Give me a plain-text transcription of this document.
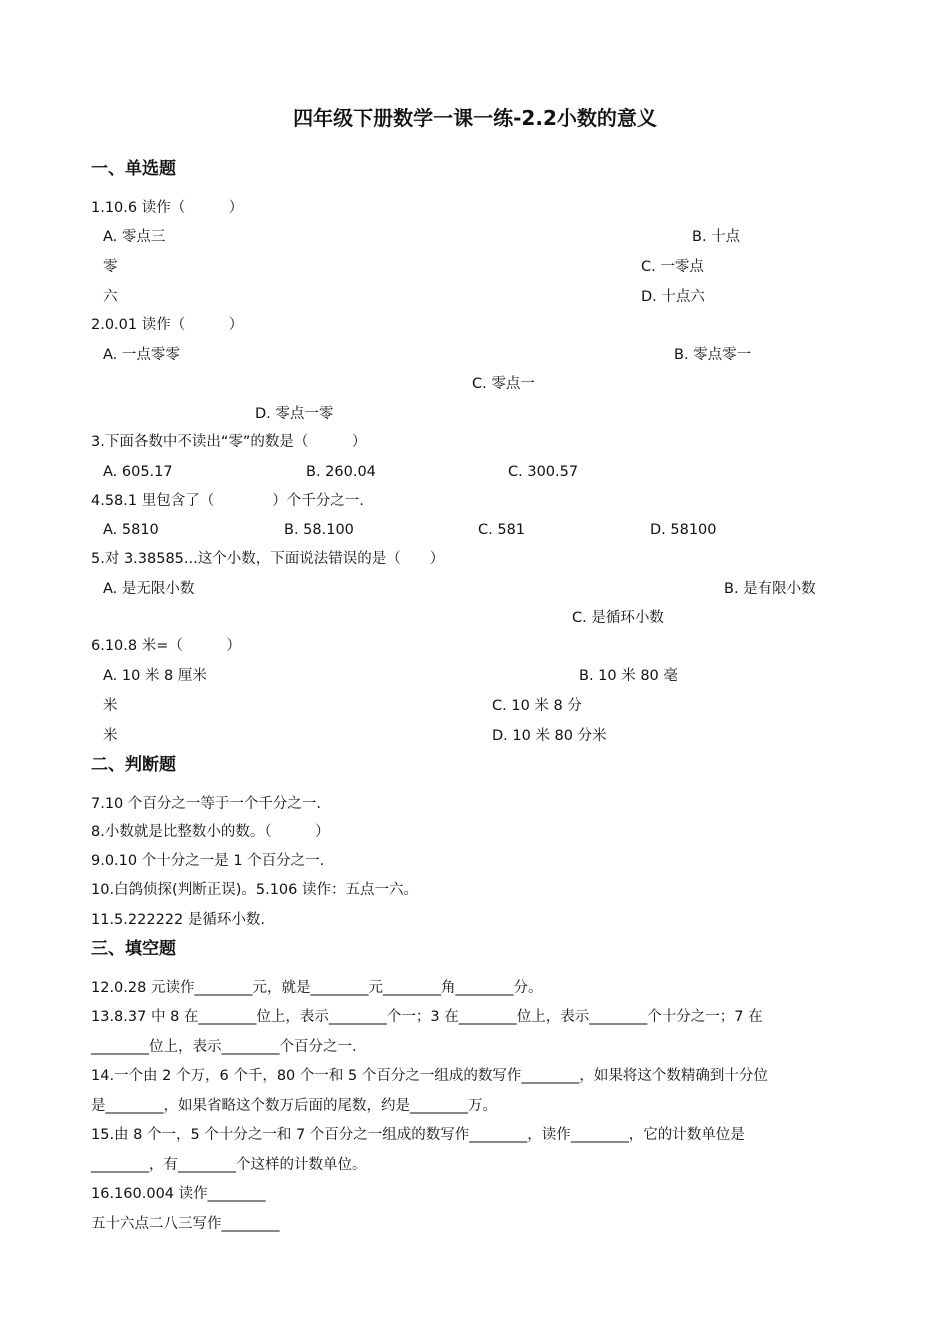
四年级下册数学一课一练-2.2小数的意义
一、单选题
1.10.6 读作（　　　）
A. 零点三	B. 十点
零	C. 一零点
六	D. 十点六
2.0.01 读作（　　　）
A. 一点零零	B. 零点零一
C. 零点一
D. 零点一零
3.下面各数中不读出“零”的数是（　　　）
A. 605.17	B. 260.04	C. 300.57
4.58.1 里包含了（　　　　）个千分之一.
A. 5810	B. 58.100	C. 581	D. 58100
5.对 3.38585...这个小数，下面说法错误的是（　　）
A. 是无限小数	B. 是有限小数
C. 是循环小数
6.10.8 米=（　　　）
A. 10 米 8 厘米	B. 10 米 80 毫
米	C. 10 米 8 分
米	D. 10 米 80 分米
二、判断题
7.10 个百分之一等于一个千分之一.
8.小数就是比整数小的数。（　　　）
9.0.10 个十分之一是 1 个百分之一.
10.白鸽侦探(判断正误)。5.106 读作：五点一六。
11.5.222222 是循环小数.
三、填空题
12.0.28 元读作________元，就是________元________角________分。
13.8.37 中 8 在________位上，表示________个一；3 在________位上，表示________个十分之一；7 在
________位上，表示________个百分之一.
14.一个由 2 个万，6 个千，80 个一和 5 个百分之一组成的数写作________，如果将这个数精确到十分位
是________，如果省略这个数万后面的尾数，约是________万。
15.由 8 个一，5 个十分之一和 7 个百分之一组成的数写作________，读作________，它的计数单位是
________，有________个这样的计数单位。
16.160.004 读作________
五十六点二八三写作________
